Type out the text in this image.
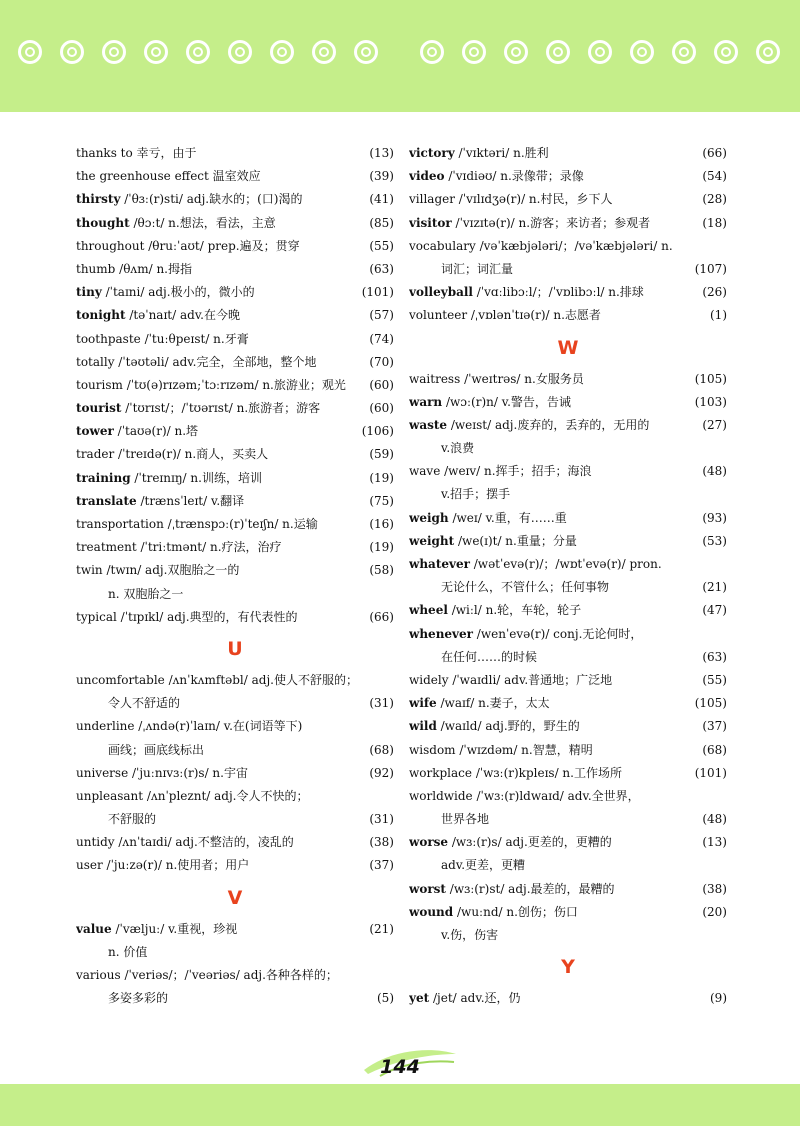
thanks to 幸亏，由于	(13)
the greenhouse effect 温室效应	(39)
thirsty /ˈθɜː(r)sti/ adj.缺水的；(口)渴的	(41)
thought /θɔːt/ n.想法，看法，主意	(85)
throughout /θruːˈaʊt/ prep.遍及；贯穿	(55)
thumb /θʌm/ n.拇指	(63)
tiny /ˈtaɪni/ adj.极小的，微小的	(101)
tonight /təˈnaɪt/ adv.在今晚	(57)
toothpaste /ˈtuːθpeɪst/ n.牙膏	(74)
totally /ˈtəʊtəli/ adv.完全，全部地，整个地	(70)
tourism /ˈtʊ(ə)rɪzəm;ˈtɔːrɪzəm/ n.旅游业；观光 (60)
tourist /ˈtʊrɪst/；/ˈtʊərɪst/ n.旅游者；游客	(60)
tower /ˈtaʊə(r)/ n.塔	(106)
trader /ˈtreɪdə(r)/ n.商人，买卖人	(59)
training /ˈtreɪnɪŋ/ n.训练，培训	(19)
translate /trænsˈleɪt/ v.翻译	(75)
transportation /ˌtrænspɔː(r)ˈteɪʃn/ n.运输	(16)
treatment /ˈtriːtmənt/ n.疗法，治疗	(19)
twin /twɪn/ adj.双胞胎之一的	(58)
n. 双胞胎之一
typical /ˈtɪpɪkl/ adj.典型的，有代表性的	(66)
U
uncomfortable /ʌnˈkʌmftəbl/ adj.使人不舒服的；
令人不舒适的	(31)
underline /ˌʌndə(r)ˈlaɪn/ v.在(词语等下)
画线；画底线标出	(68)
universe /ˈjuːnɪvɜː(r)s/ n.宇宙	(92)
unpleasant /ʌnˈpleznt/ adj.令人不快的；
不舒服的	(31)
untidy /ʌnˈtaɪdi/ adj.不整洁的，凌乱的	(38)
user /ˈjuːzə(r)/ n.使用者；用户	(37)
V
value /ˈvæljuː/ v.重视，珍视	(21)
n. 价值
various /ˈveriəs/；/ˈveəriəs/ adj.各种各样的；
多姿多彩的	(5)
victory /ˈvɪktəri/ n.胜利	(66)
video /ˈvɪdiəʊ/ n.录像带；录像	(54)
villager /ˈvɪlɪdʒə(r)/ n.村民，乡下人	(28)
visitor /ˈvɪzɪtə(r)/ n.游客；来访者；参观者	(18)
vocabulary /vəˈkæbjələri/；/vəˈkæbjələri/ n.
词汇；词汇量	(107)
volleyball /ˈvɑːlibɔːl/；/ˈvɒlibɔːl/ n.排球	(26)
volunteer /ˌvɒlənˈtɪə(r)/ n.志愿者	(1)
W
waitress /ˈweɪtrəs/ n.女服务员	(105)
warn /wɔː(r)n/ v.警告，告诫	(103)
waste /weɪst/ adj.废弃的，丢弃的，无用的	(27)
v.浪费
wave /weɪv/ n.挥手；招手；海浪	(48)
v.招手；摆手
weigh /weɪ/ v.重，有……重	(93)
weight /we(ɪ)t/ n.重量；分量	(53)
whatever /wətˈevə(r)/；/wɒtˈevə(r)/ pron.
无论什么，不管什么；任何事物	(21)
wheel /wiːl/ n.轮，车轮，轮子	(47)
whenever /wenˈevə(r)/ conj.无论何时，
在任何……的时候	(63)
widely /ˈwaɪdli/ adv.普通地；广泛地	(55)
wife /waɪf/ n.妻子，太太	(105)
wild /waɪld/ adj.野的，野生的	(37)
wisdom /ˈwɪzdəm/ n.智慧，精明	(68)
workplace /ˈwɜː(r)kpleɪs/ n.工作场所	(101)
worldwide /ˈwɜː(r)ldwaɪd/ adv.全世界，
世界各地	(48)
worse /wɜː(r)s/ adj.更差的，更糟的	(13)
adv.更差，更糟
worst /wɜː(r)st/ adj.最差的，最糟的	(38)
wound /wuːnd/ n.创伤；伤口	(20)
v.伤，伤害
Y
yet /jet/ adv.还，仍	(9)
144
